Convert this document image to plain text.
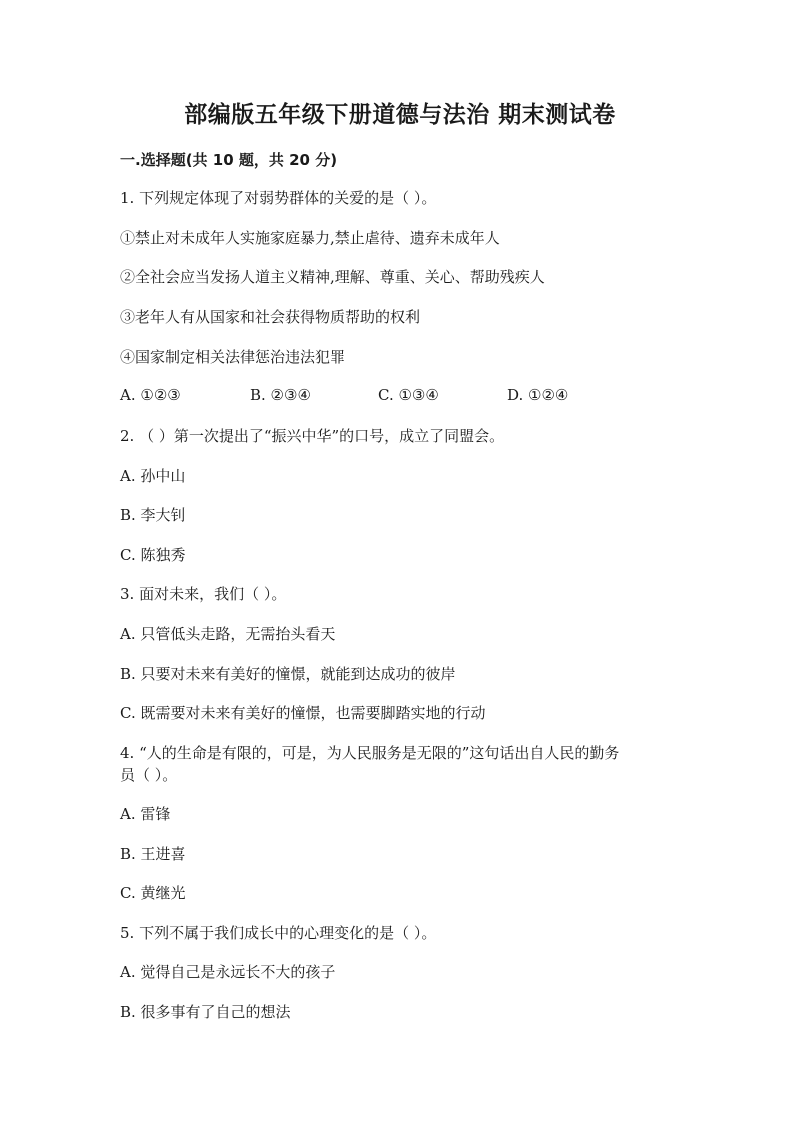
部编版五年级下册道德与法治 期末测试卷
一.选择题(共 10 题，共 20 分)
1. 下列规定体现了对弱势群体的关爱的是（ ）。
①禁止对未成年人实施家庭暴力,禁止虐待、遗弃未成年人
②全社会应当发扬人道主义精神,理解、尊重、关心、帮助残疾人
③老年人有从国家和社会获得物质帮助的权利
④国家制定相关法律惩治违法犯罪
A. ①②③	B. ②③④	C. ①③④	D. ①②④
2. （ ）第一次提出了“振兴中华”的口号，成立了同盟会。
A. 孙中山
B. 李大钊
C. 陈独秀
3. 面对未来，我们（ ）。
A. 只管低头走路，无需抬头看天
B. 只要对未来有美好的憧憬，就能到达成功的彼岸
C. 既需要对未来有美好的憧憬，也需要脚踏实地的行动
4. “人的生命是有限的，可是，为人民服务是无限的”这句话出自人民的勤务
员（ ）。
A. 雷锋
B. 王进喜
C. 黄继光
5. 下列不属于我们成长中的心理变化的是（ ）。
A. 觉得自己是永远长不大的孩子
B. 很多事有了自己的想法
